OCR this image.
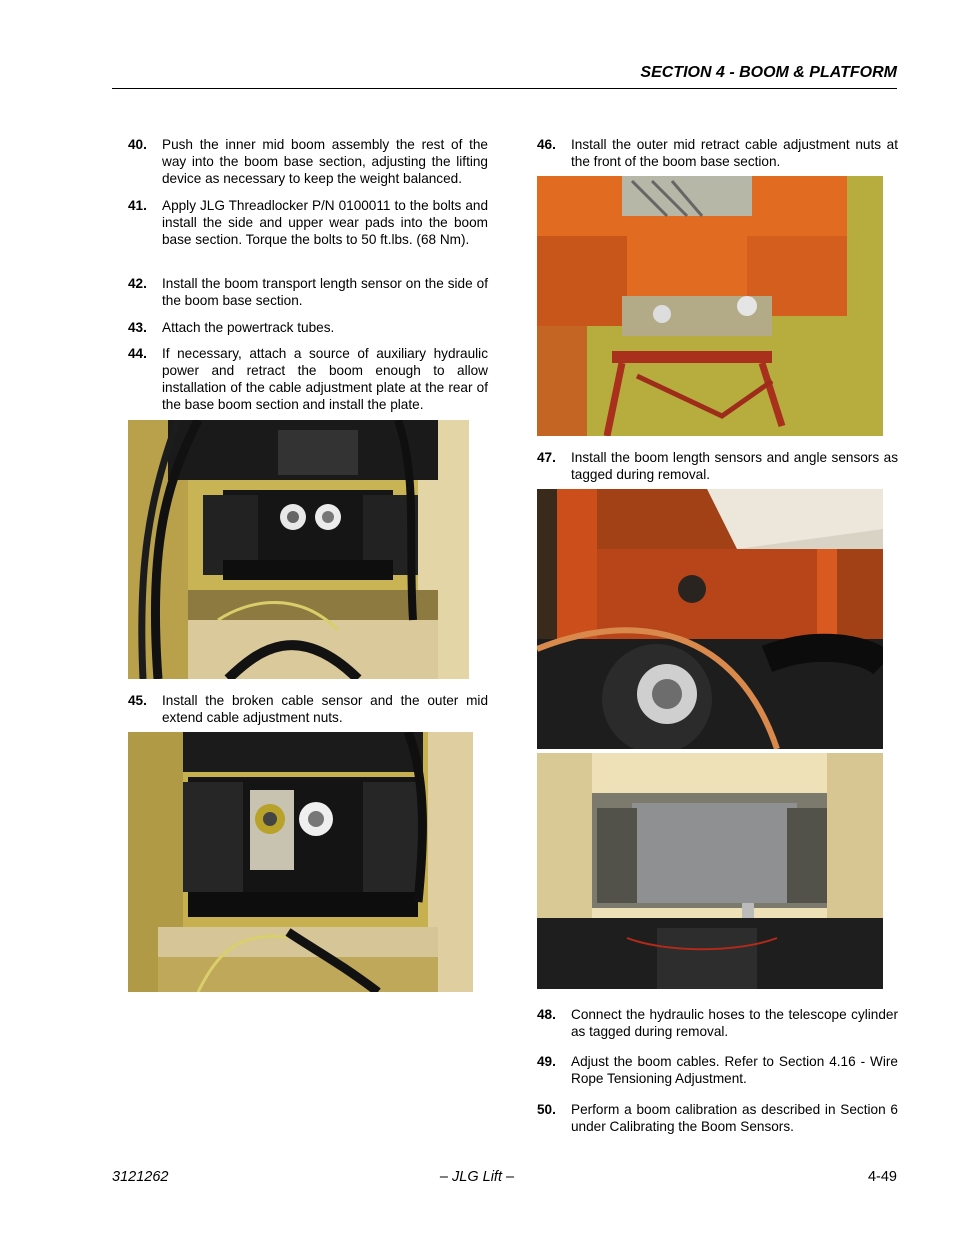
SECTION 4 - BOOM & PLATFORM
40. Push the inner mid boom assembly the rest of the way into the boom base section, adjusting the lifting device as necessary to keep the weight balanced.
41. Apply JLG Threadlocker P/N 0100011 to the bolts and install the side and upper wear pads into the boom base section. Torque the bolts to 50 ft.lbs. (68 Nm).
42. Install the boom transport length sensor on the side of the boom base section.
43. Attach the powertrack tubes.
44. If necessary, attach a source of auxiliary hydraulic power and retract the boom enough to allow installation of the cable adjustment plate at the rear of the base boom section and install the plate.
45. Install the broken cable sensor and the outer mid extend cable adjustment nuts.
46. Install the outer mid retract cable adjustment nuts at the front of the boom base section.
47. Install the boom length sensors and angle sensors as tagged during removal.
48. Connect the hydraulic hoses to the telescope cylinder as tagged during removal.
49. Adjust the boom cables. Refer to Section 4.16 - Wire Rope Tensioning Adjustment.
50. Perform a boom calibration as described in Section 6 under Calibrating the Boom Sensors.
3121262	– JLG Lift –	4-49
